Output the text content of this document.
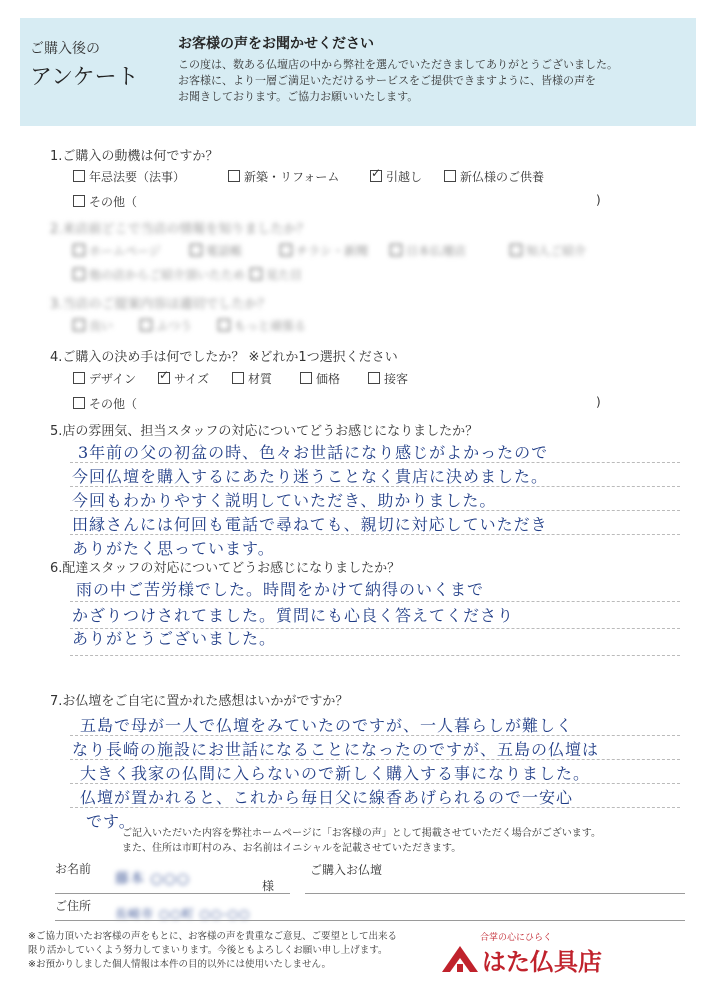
ご購入後の
アンケート
お客様の声をお聞かせください
この度は、数ある仏壇店の中から弊社を選んでいただきましてありがとうございました。
お客様に、より一層ご満足いただけるサービスをご提供できますように、皆様の声を
お聞きしております。ご協力お願いいたします。
1.ご購入の動機は何ですか？
年忌法要（法事）	新築・リフォーム ✓	引越し	新仏様のご供養
その他（	)
2.来店前どこで当店の情報を知りましたか？
ホームページ	電話帳	チラシ・新聞	日本仏壇店	知人ご紹介
他の店からご紹介頂いたため	見た目
3.当店のご提案内容は適切でしたか？
良い	ふつう	もっと頑張る
4.ご購入の決め手は何でしたか？ ※どれか1つ選択ください
デザイン ✓	サイズ	材質	価格	接客
その他（	)
5.店の雰囲気、担当スタッフの対応についてどうお感じになりましたか？
3年前の父の初盆の時、色々お世話になり感じがよかったので
今回仏壇を購入するにあたり迷うことなく貴店に決めました。
今回もわかりやすく説明していただき、助かりました。
田縁さんには何回も電話で尋ねても、親切に対応していただき
ありがたく思っています。
6.配達スタッフの対応についてどうお感じになりましたか？
雨の中ご苦労様でした。時間をかけて納得のいくまで
かざりつけされてました。質問にも心良く答えてくださり
ありがとうございました。
7.お仏壇をご自宅に置かれた感想はいかがですか？
五島で母が一人で仏壇をみていたのですが、一人暮らしが難しく
なり長崎の施設にお世話になることになったのですが、五島の仏壇は
大きく我家の仏間に入らないので新しく購入する事になりました。
仏壇が置かれると、これから毎日父に線香あげられるので一安心
です。
ご記入いただいた内容を弊社ホームページに「お客様の声」として掲載させていただく場合がございます。
また、住所は市町村のみ、お名前はイニシャルを記載させていただきます。
お名前
藤本 ○○○	様
ご購入お仏壇
ご住所
長崎市 ○○町 ○○-○○
※ご協力頂いたお客様の声をもとに、お客様の声を貴重なご意見、ご要望として出来る
限り活かしていくよう努力してまいります。今後ともよろしくお願い申し上げます。
※お預かりしました個人情報は本件の目的以外には使用いたしません。
合掌の心にひらく
はた仏具店
